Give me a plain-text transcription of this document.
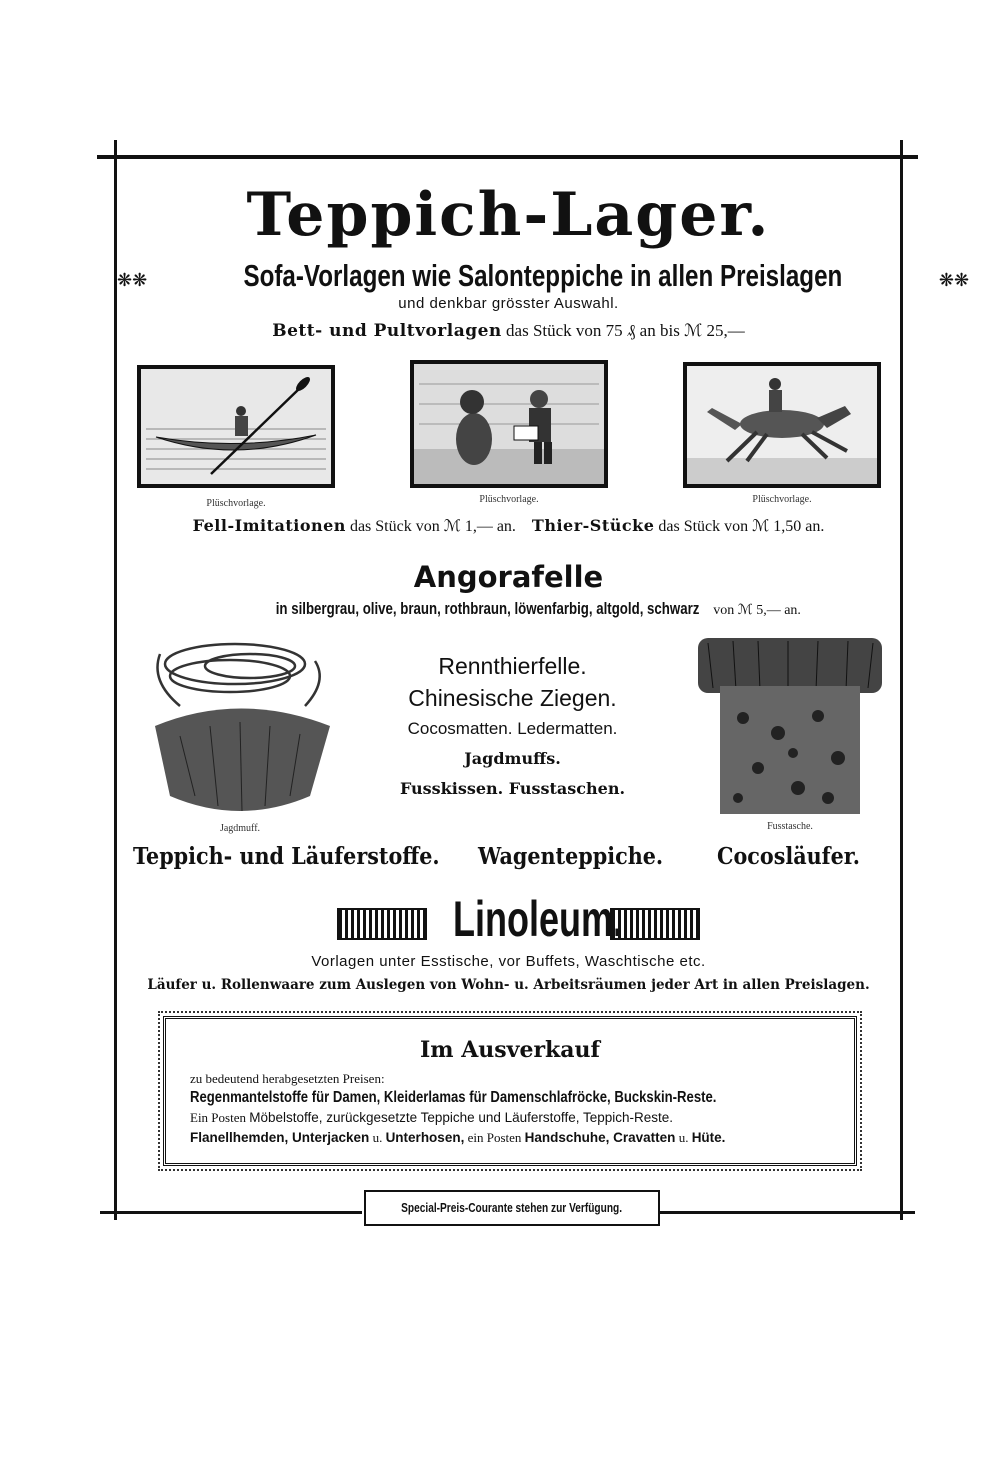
Teppich-Lager.
❋❋	Sofa-Vorlagen wie Salonteppiche in allen Preislagen	❋❋
und denkbar grösster Auswahl.
Bett- und Pultvorlagen das Stück von 75 ₰ an bis ℳ 25,—
Plüschvorlage.	Plüschvorlage.	Plüschvorlage.
Fell-Imitationen das Stück von ℳ 1,— an. Thier-Stücke das Stück von ℳ 1,50 an.
Angorafelle
in silbergrau, olive, braun, rothbraun, löwenfarbig, altgold, schwarz von ℳ 5,— an.
Jagdmuff.
Rennthierfelle.
Chinesische Ziegen.
Cocosmatten. Ledermatten.
Jagdmuffs.
Fusskissen. Fusstaschen.
Fusstasche.
Teppich- und Läuferstoffe. Wagenteppiche. Cocosläufer.
Linoleum.
Vorlagen unter Esstische, vor Buffets, Waschtische etc.
Läufer u. Rollenwaare zum Auslegen von Wohn- u. Arbeitsräumen jeder Art in allen Preislagen.
Im Ausverkauf
zu bedeutend herabgesetzten Preisen:
Regenmantelstoffe für Damen, Kleiderlamas für Damenschlafröcke, Buckskin-Reste.
Ein Posten Möbelstoffe, zurückgesetzte Teppiche und Läuferstoffe, Teppich-Reste.
Flanellhemden, Unterjacken u. Unterhosen, ein Posten Handschuhe, Cravatten u. Hüte.
Special-Preis-Courante stehen zur Verfügung.
